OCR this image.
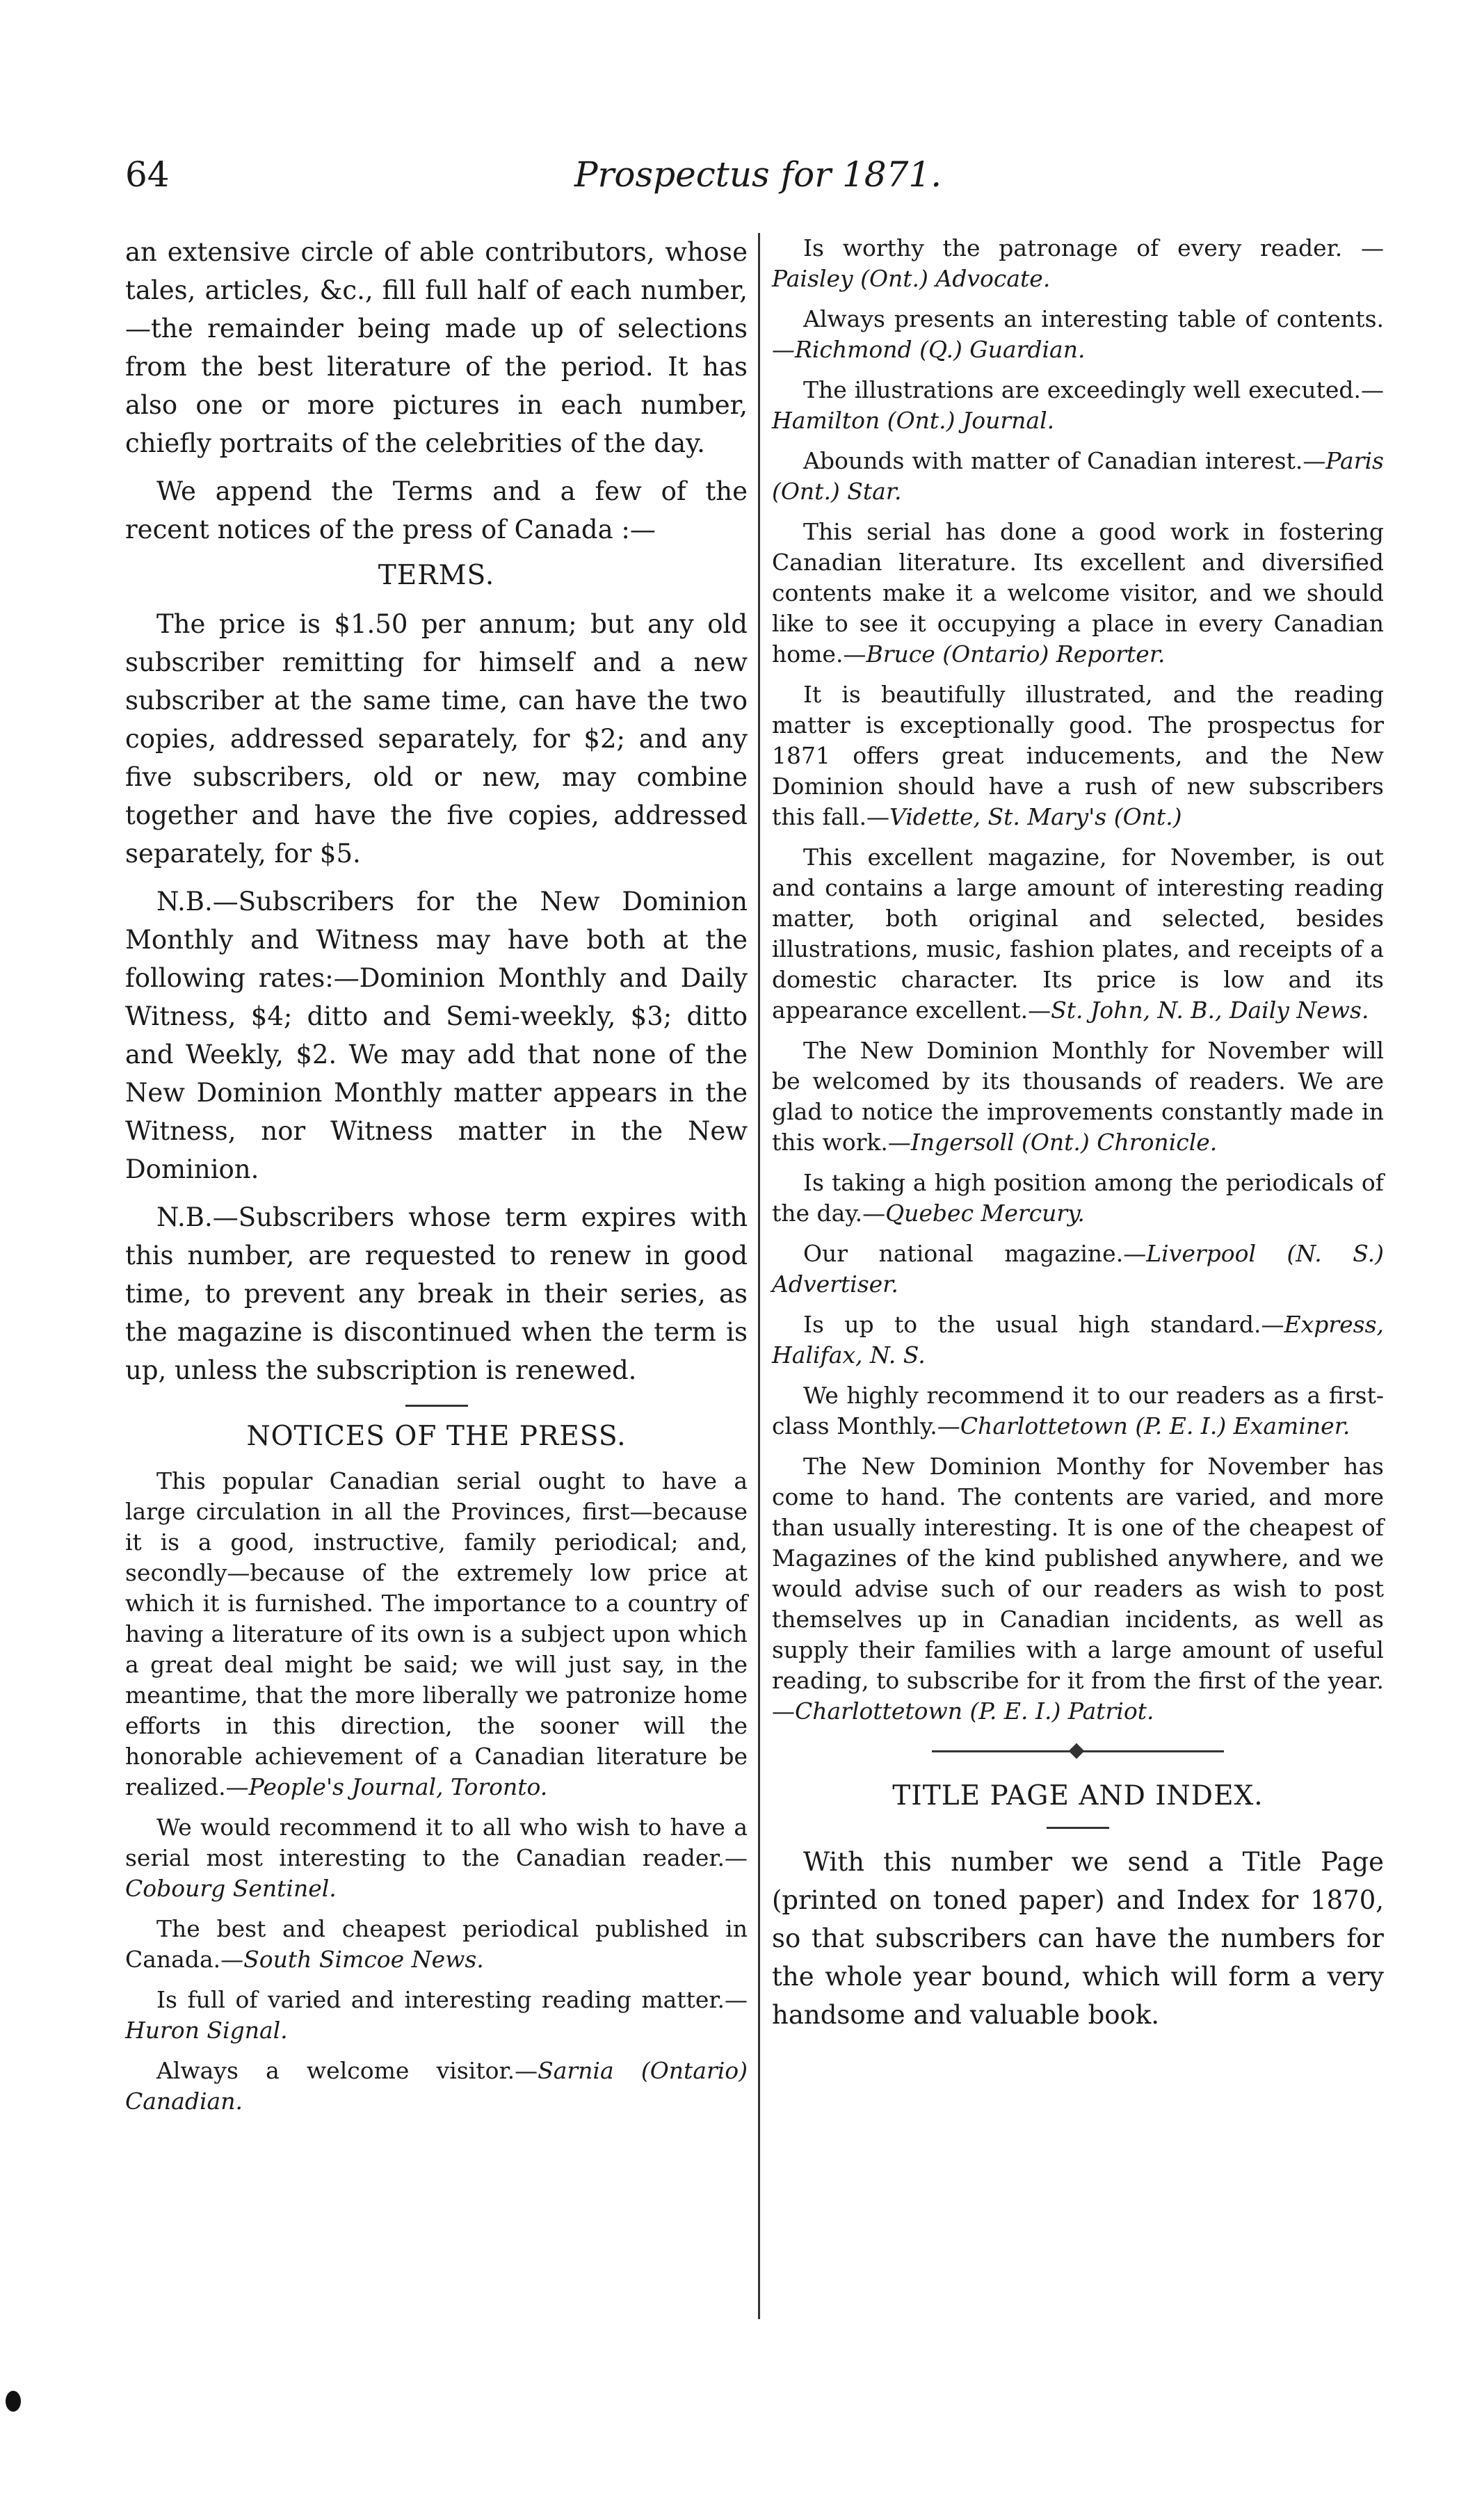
64	Prospectus for 1871.

an extensive circle of able contributors, whose tales, articles, &c., fill full half of each number,—the remainder being made up of selections from the best literature of the period. It has also one or more pictures in each number, chiefly portraits of the celebrities of the day.

We append the Terms and a few of the recent notices of the press of Canada :—

TERMS.

The price is $1.50 per annum; but any old subscriber remitting for himself and a new subscriber at the same time, can have the two copies, addressed separately, for $2; and any five subscribers, old or new, may combine together and have the five copies, addressed separately, for $5.

N.B.—Subscribers for the New Dominion Monthly and Witness may have both at the following rates:—Dominion Monthly and Daily Witness, $4; ditto and Semi-weekly, $3; ditto and Weekly, $2. We may add that none of the New Dominion Monthly matter appears in the Witness, nor Witness matter in the New Dominion.

N.B.—Subscribers whose term expires with this number, are requested to renew in good time, to prevent any break in their series, as the magazine is discontinued when the term is up, unless the subscription is renewed.

NOTICES OF THE PRESS.

This popular Canadian serial ought to have a large circulation in all the Provinces, first—because it is a good, instructive, family periodical; and, secondly—because of the extremely low price at which it is furnished. The importance to a country of having a literature of its own is a subject upon which a great deal might be said; we will just say, in the meantime, that the more liberally we patronize home efforts in this direction, the sooner will the honorable achievement of a Canadian literature be realized.—People's Journal, Toronto.

We would recommend it to all who wish to have a serial most interesting to the Canadian reader.—Cobourg Sentinel.

The best and cheapest periodical published in Canada.—South Simcoe News.

Is full of varied and interesting reading matter.—Huron Signal.

Always a welcome visitor.—Sarnia (Ontario) Canadian.

Is worthy the patronage of every reader. —Paisley (Ont.) Advocate.

Always presents an interesting table of contents.—Richmond (Q.) Guardian.

The illustrations are exceedingly well executed.—Hamilton (Ont.) Journal.

Abounds with matter of Canadian interest.—Paris (Ont.) Star.

This serial has done a good work in fostering Canadian literature. Its excellent and diversified contents make it a welcome visitor, and we should like to see it occupying a place in every Canadian home.—Bruce (Ontario) Reporter.

It is beautifully illustrated, and the reading matter is exceptionally good. The prospectus for 1871 offers great inducements, and the New Dominion should have a rush of new subscribers this fall.—Vidette, St. Mary's (Ont.)

This excellent magazine, for November, is out and contains a large amount of interesting reading matter, both original and selected, besides illustrations, music, fashion plates, and receipts of a domestic character. Its price is low and its appearance excellent.—St. John, N. B., Daily News.

The New Dominion Monthly for November will be welcomed by its thousands of readers. We are glad to notice the improvements constantly made in this work.—Ingersoll (Ont.) Chronicle.

Is taking a high position among the periodicals of the day.—Quebec Mercury.

Our national magazine.—Liverpool (N. S.) Advertiser.

Is up to the usual high standard.—Express, Halifax, N. S.

We highly recommend it to our readers as a first-class Monthly.—Charlottetown (P. E. I.) Examiner.

The New Dominion Monthy for November has come to hand. The contents are varied, and more than usually interesting. It is one of the cheapest of Magazines of the kind published anywhere, and we would advise such of our readers as wish to post themselves up in Canadian incidents, as well as supply their families with a large amount of useful reading, to subscribe for it from the first of the year.—Charlottetown (P. E. I.) Patriot.

TITLE PAGE AND INDEX.

With this number we send a Title Page (printed on toned paper) and Index for 1870, so that subscribers can have the numbers for the whole year bound, which will form a very handsome and valuable book.
